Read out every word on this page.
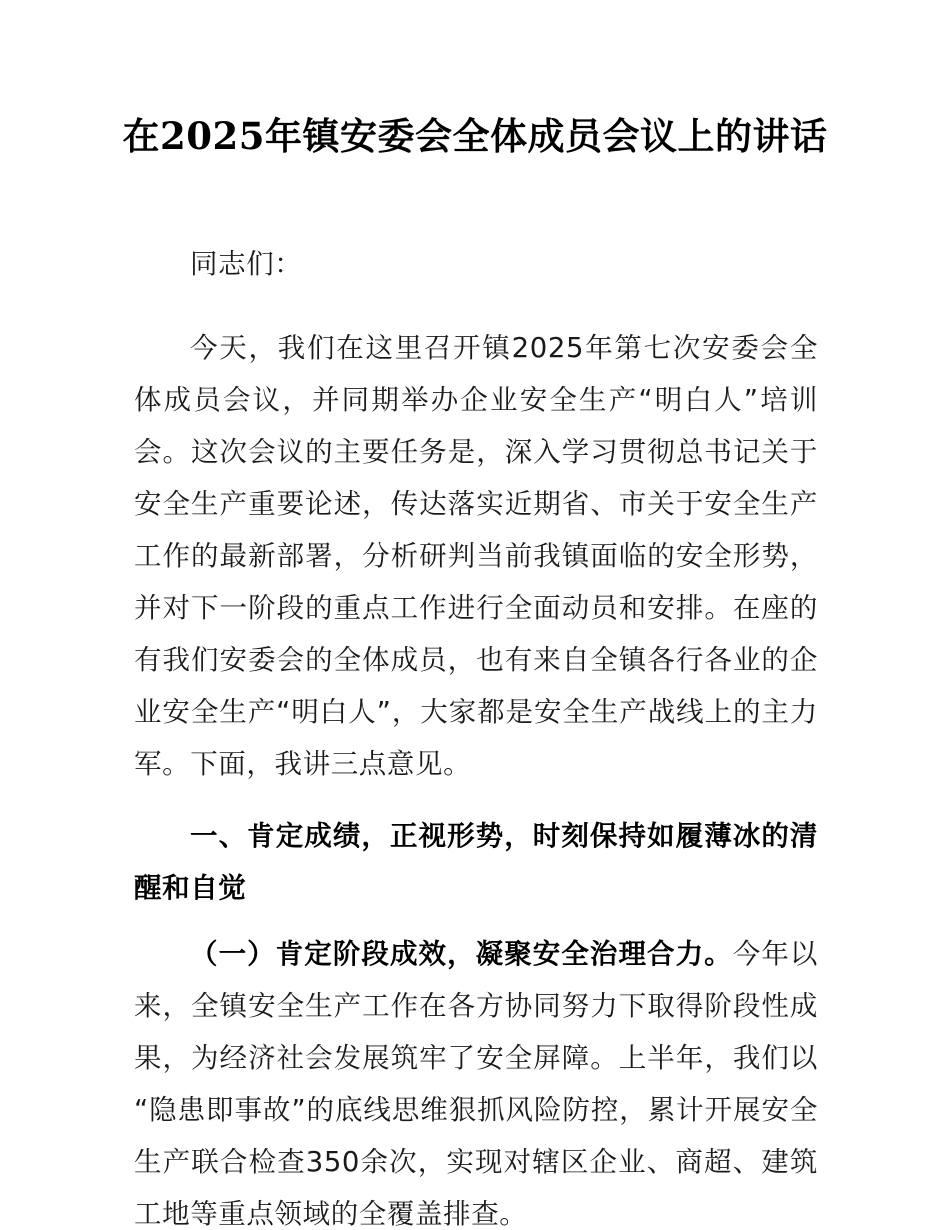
在2025年镇安委会全体成员会议上的讲话

同志们：

今天，我们在这里召开镇2025年第七次安委会全体成员会议，并同期举办企业安全生产“明白人”培训会。这次会议的主要任务是，深入学习贯彻总书记关于安全生产重要论述，传达落实近期省、市关于安全生产工作的最新部署，分析研判当前我镇面临的安全形势，并对下一阶段的重点工作进行全面动员和安排。在座的有我们安委会的全体成员，也有来自全镇各行各业的企业安全生产“明白人”，大家都是安全生产战线上的主力军。下面，我讲三点意见。

一、肯定成绩，正视形势，时刻保持如履薄冰的清醒和自觉

（一）肯定阶段成效，凝聚安全治理合力。今年以来，全镇安全生产工作在各方协同努力下取得阶段性成果，为经济社会发展筑牢了安全屏障。上半年，我们以“隐患即事故”的底线思维狠抓风险防控，累计开展安全生产联合检查350余次，实现对辖区企业、商超、建筑工地等重点领域的全覆盖排查。
